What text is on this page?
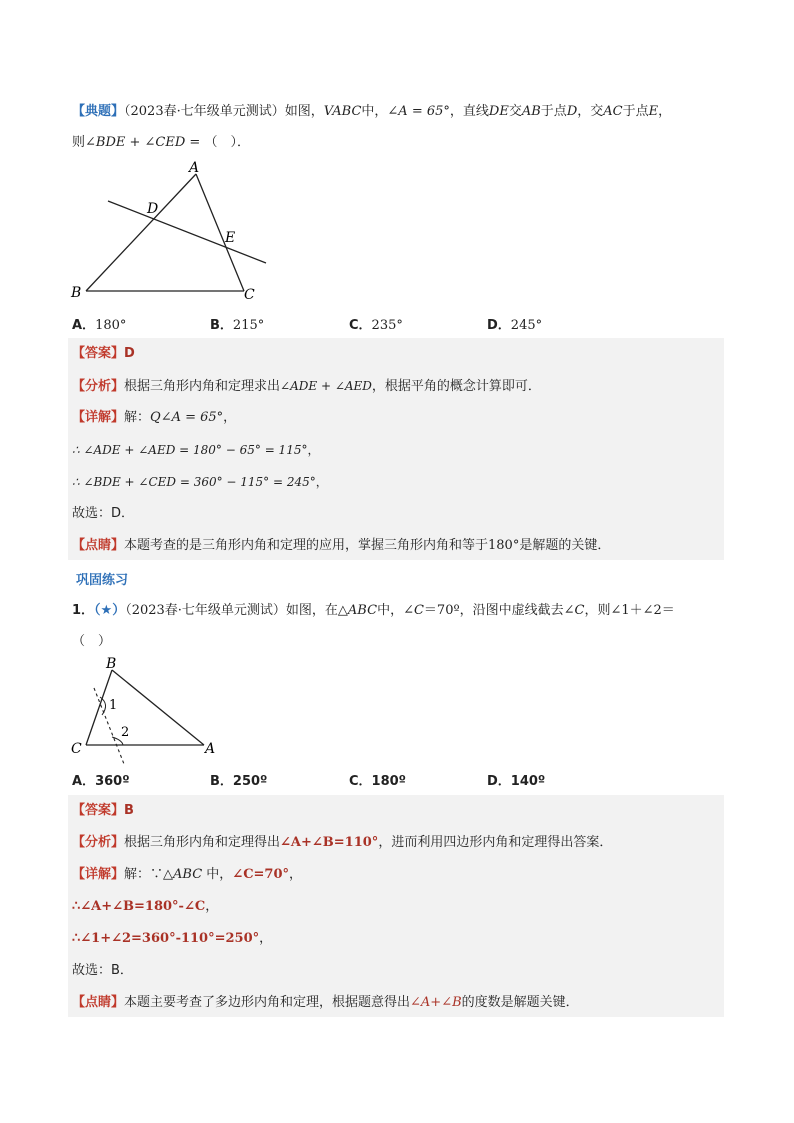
【典题】（2023春·七年级单元测试）如图，VABC中，∠A = 65°，直线DE交AB于点D，交AC于点E，
则∠BDE + ∠CED = （　）．
A
B	C
D
E
A．180°	B．215°	C．235°	D．245°
【答案】D
【分析】根据三角形内角和定理求出∠ADE + ∠AED，根据平角的概念计算即可．
【详解】解：Q∠A = 65°，
∴ ∠ADE + ∠AED = 180° − 65° = 115°，
∴ ∠BDE + ∠CED = 360° − 115° = 245°，
故选：D．
【点睛】本题考查的是三角形内角和定理的应用，掌握三角形内角和等于180°是解题的关键．
巩固练习
1．（★）（2023春·七年级单元测试）如图，在△ABC中，∠C＝70º，沿图中虚线截去∠C，则∠1＋∠2＝
（　）
B
C	A
1
2
A．360º	B．250º	C．180º	D．140º
【答案】B
【分析】根据三角形内角和定理得出∠A+∠B=110°，进而利用四边形内角和定理得出答案．
【详解】解：∵△ABC 中，∠C=70°，
∴∠A+∠B=180°-∠C，
∴∠1+∠2=360°-110°=250°，
故选：B．
【点睛】本题主要考查了多边形内角和定理，根据题意得出∠A+∠B的度数是解题关键．
